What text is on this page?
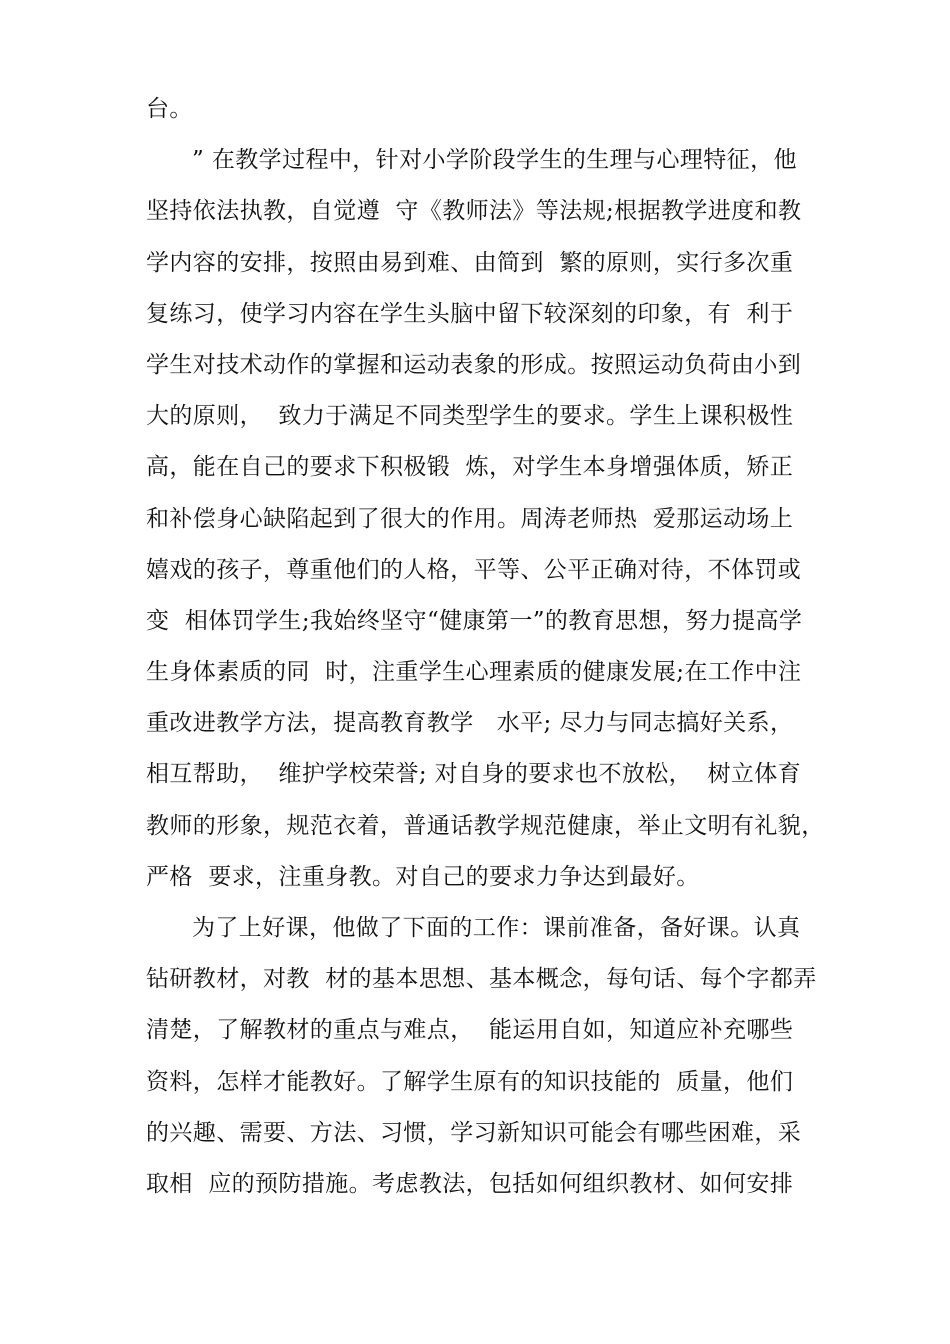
台。
” 在教学过程中，针对小学阶段学生的生理与心理特征，他
坚持依法执教，自觉遵  守《教师法》等法规;根据教学进度和教
学内容的安排，按照由易到难、由简到  繁的原则，实行多次重
复练习，使学习内容在学生头脑中留下较深刻的印象，有  利于
学生对技术动作的掌握和运动表象的形成。按照运动负荷由小到
大的原则，  致力于满足不同类型学生的要求。学生上课积极性
高，能在自己的要求下积极锻  炼，对学生本身增强体质，矫正
和补偿身心缺陷起到了很大的作用。周涛老师热  爱那运动场上
嬉戏的孩子，尊重他们的人格，平等、公平正确对待，不体罚或
变  相体罚学生;我始终坚守“健康第一”的教育思想，努力提高学
生身体素质的同  时，注重学生心理素质的健康发展;在工作中注
重改进教学方法，提高教育教学   水平; 尽力与同志搞好关系，
相互帮助，  维护学校荣誉; 对自身的要求也不放松，  树立体育
教师的形象，规范衣着，普通话教学规范健康，举止文明有礼貌，
严格  要求，注重身教。对自己的要求力争达到最好。
为了上好课，他做了下面的工作：课前准备，备好课。认真
钻研教材，对教  材的基本思想、基本概念，每句话、每个字都弄
清楚，了解教材的重点与难点，  能运用自如，知道应补充哪些
资料，怎样才能教好。了解学生原有的知识技能的  质量，他们
的兴趣、需要、方法、习惯，学习新知识可能会有哪些困难，采
取相  应的预防措施。考虑教法，包括如何组织教材、如何安排
